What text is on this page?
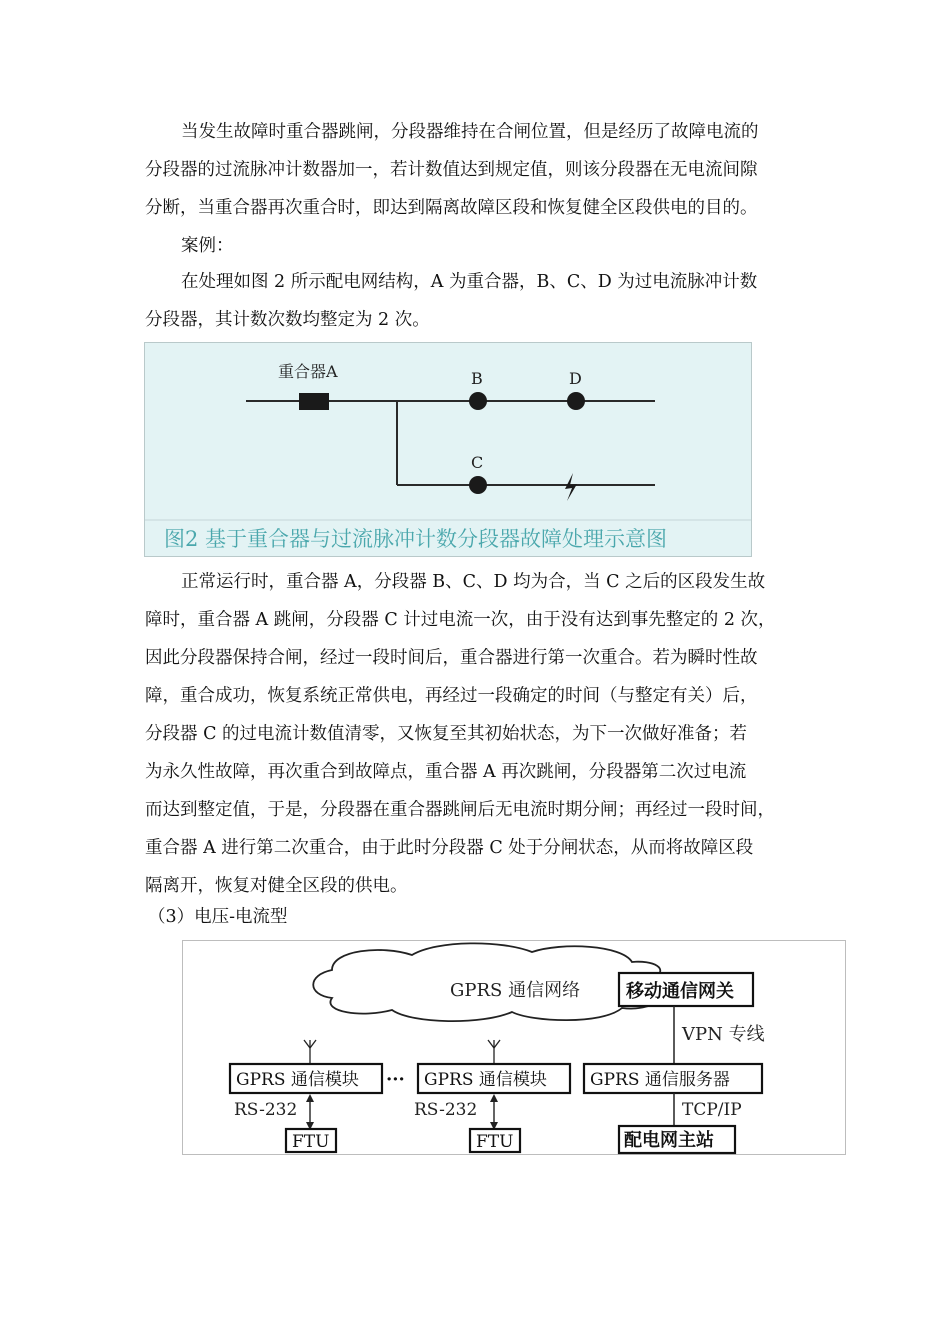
当发生故障时重合器跳闸，分段器维持在合闸位置，但是经历了故障电流的
分段器的过流脉冲计数器加一，若计数值达到规定值，则该分段器在无电流间隙
分断，当重合器再次重合时，即达到隔离故障区段和恢复健全区段供电的目的。
案例：
在处理如图 2 所示配电网结构，A 为重合器，B、C、D 为过电流脉冲计数
分段器，其计数次数均整定为 2 次。
重合器A	B	D
C
图2 基于重合器与过流脉冲计数分段器故障处理示意图
正常运行时，重合器 A，分段器 B、C、D 均为合，当 C 之后的区段发生故
障时，重合器 A 跳闸，分段器 C 计过电流一次，由于没有达到事先整定的 2 次，
因此分段器保持合闸，经过一段时间后，重合器进行第一次重合。若为瞬时性故
障，重合成功，恢复系统正常供电，再经过一段确定的时间（与整定有关）后，
分段器 C 的过电流计数值清零，又恢复至其初始状态，为下一次做好准备；若
为永久性故障，再次重合到故障点，重合器 A 再次跳闸，分段器第二次过电流
而达到整定值，于是，分段器在重合器跳闸后无电流时期分闸；再经过一段时间，
重合器 A 进行第二次重合，由于此时分段器 C 处于分闸状态，从而将故障区段
隔离开，恢复对健全区段的供电。
（3）电压-电流型
GPRS 通信网络	移动通信网关
VPN 专线
GPRS 通信模块 ··· GPRS 通信模块	GPRS 通信服务器
RS-232	RS-232	TCP/IP
FTU	FTU	配电网主站
